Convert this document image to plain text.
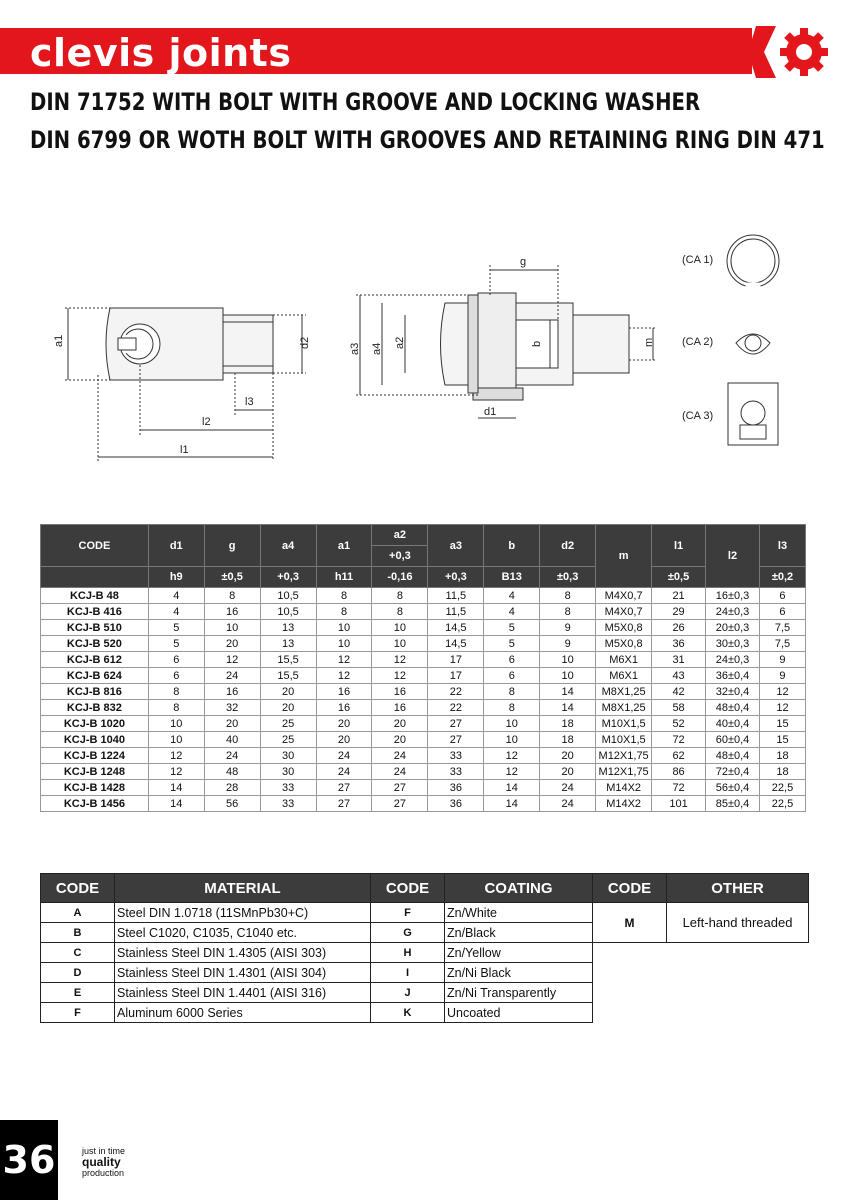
clevis joints
DIN 71752 WITH BOLT WITH GROOVE AND LOCKING WASHER
DIN 6799 OR WOTH BOLT WITH GROOVES AND RETAINING RING DIN 471
a1	d2
l3
l2
l1
g
a3 a4 a2	b	m
d1
(CA 1)
(CA 2)
(CA 3)
CODE	d1	g	a4	a1	a2	a3	b	d2	m	l1	l2	l3
					+0,3							
	h9	±0,5	+0,3	h11	-0,16	+0,3	B13	±0,3		±0,5		±0,2
KCJ-B 48	4	8	10,5	8	8	11,5	4	8	M4X0,7	21	16±0,3	6
KCJ-B 416	4	16	10,5	8	8	11,5	4	8	M4X0,7	29	24±0,3	6
KCJ-B 510	5	10	13	10	10	14,5	5	9	M5X0,8	26	20±0,3	7,5
KCJ-B 520	5	20	13	10	10	14,5	5	9	M5X0,8	36	30±0,3	7,5
KCJ-B 612	6	12	15,5	12	12	17	6	10	M6X1	31	24±0,3	9
KCJ-B 624	6	24	15,5	12	12	17	6	10	M6X1	43	36±0,4	9
KCJ-B 816	8	16	20	16	16	22	8	14	M8X1,25	42	32±0,4	12
KCJ-B 832	8	32	20	16	16	22	8	14	M8X1,25	58	48±0,4	12
KCJ-B 1020	10	20	25	20	20	27	10	18	M10X1,5	52	40±0,4	15
KCJ-B 1040	10	40	25	20	20	27	10	18	M10X1,5	72	60±0,4	15
KCJ-B 1224	12	24	30	24	24	33	12	20	M12X1,75	62	48±0,4	18
KCJ-B 1248	12	48	30	24	24	33	12	20	M12X1,75	86	72±0,4	18
KCJ-B 1428	14	28	33	27	27	36	14	24	M14X2	72	56±0,4	22,5
KCJ-B 1456	14	56	33	27	27	36	14	24	M14X2	101	85±0,4	22,5
CODE	MATERIAL	CODE	COATING	CODE	OTHER
A	Steel DIN 1.0718 (11SMnPb30+C)	F	Zn/White	M	Left-hand threaded
B	Steel C1020, C1035, C1040 etc.	G	Zn/Black		
C	Stainless Steel DIN 1.4305 (AISI 303)	H	Zn/Yellow		
D	Stainless Steel DIN 1.4301 (AISI 304)	I	Zn/Ni Black		
E	Stainless Steel DIN 1.4401 (AISI 316)	J	Zn/Ni Transparently		
F	Aluminum 6000 Series	K	Uncoated		
36	just in time
quality
production
